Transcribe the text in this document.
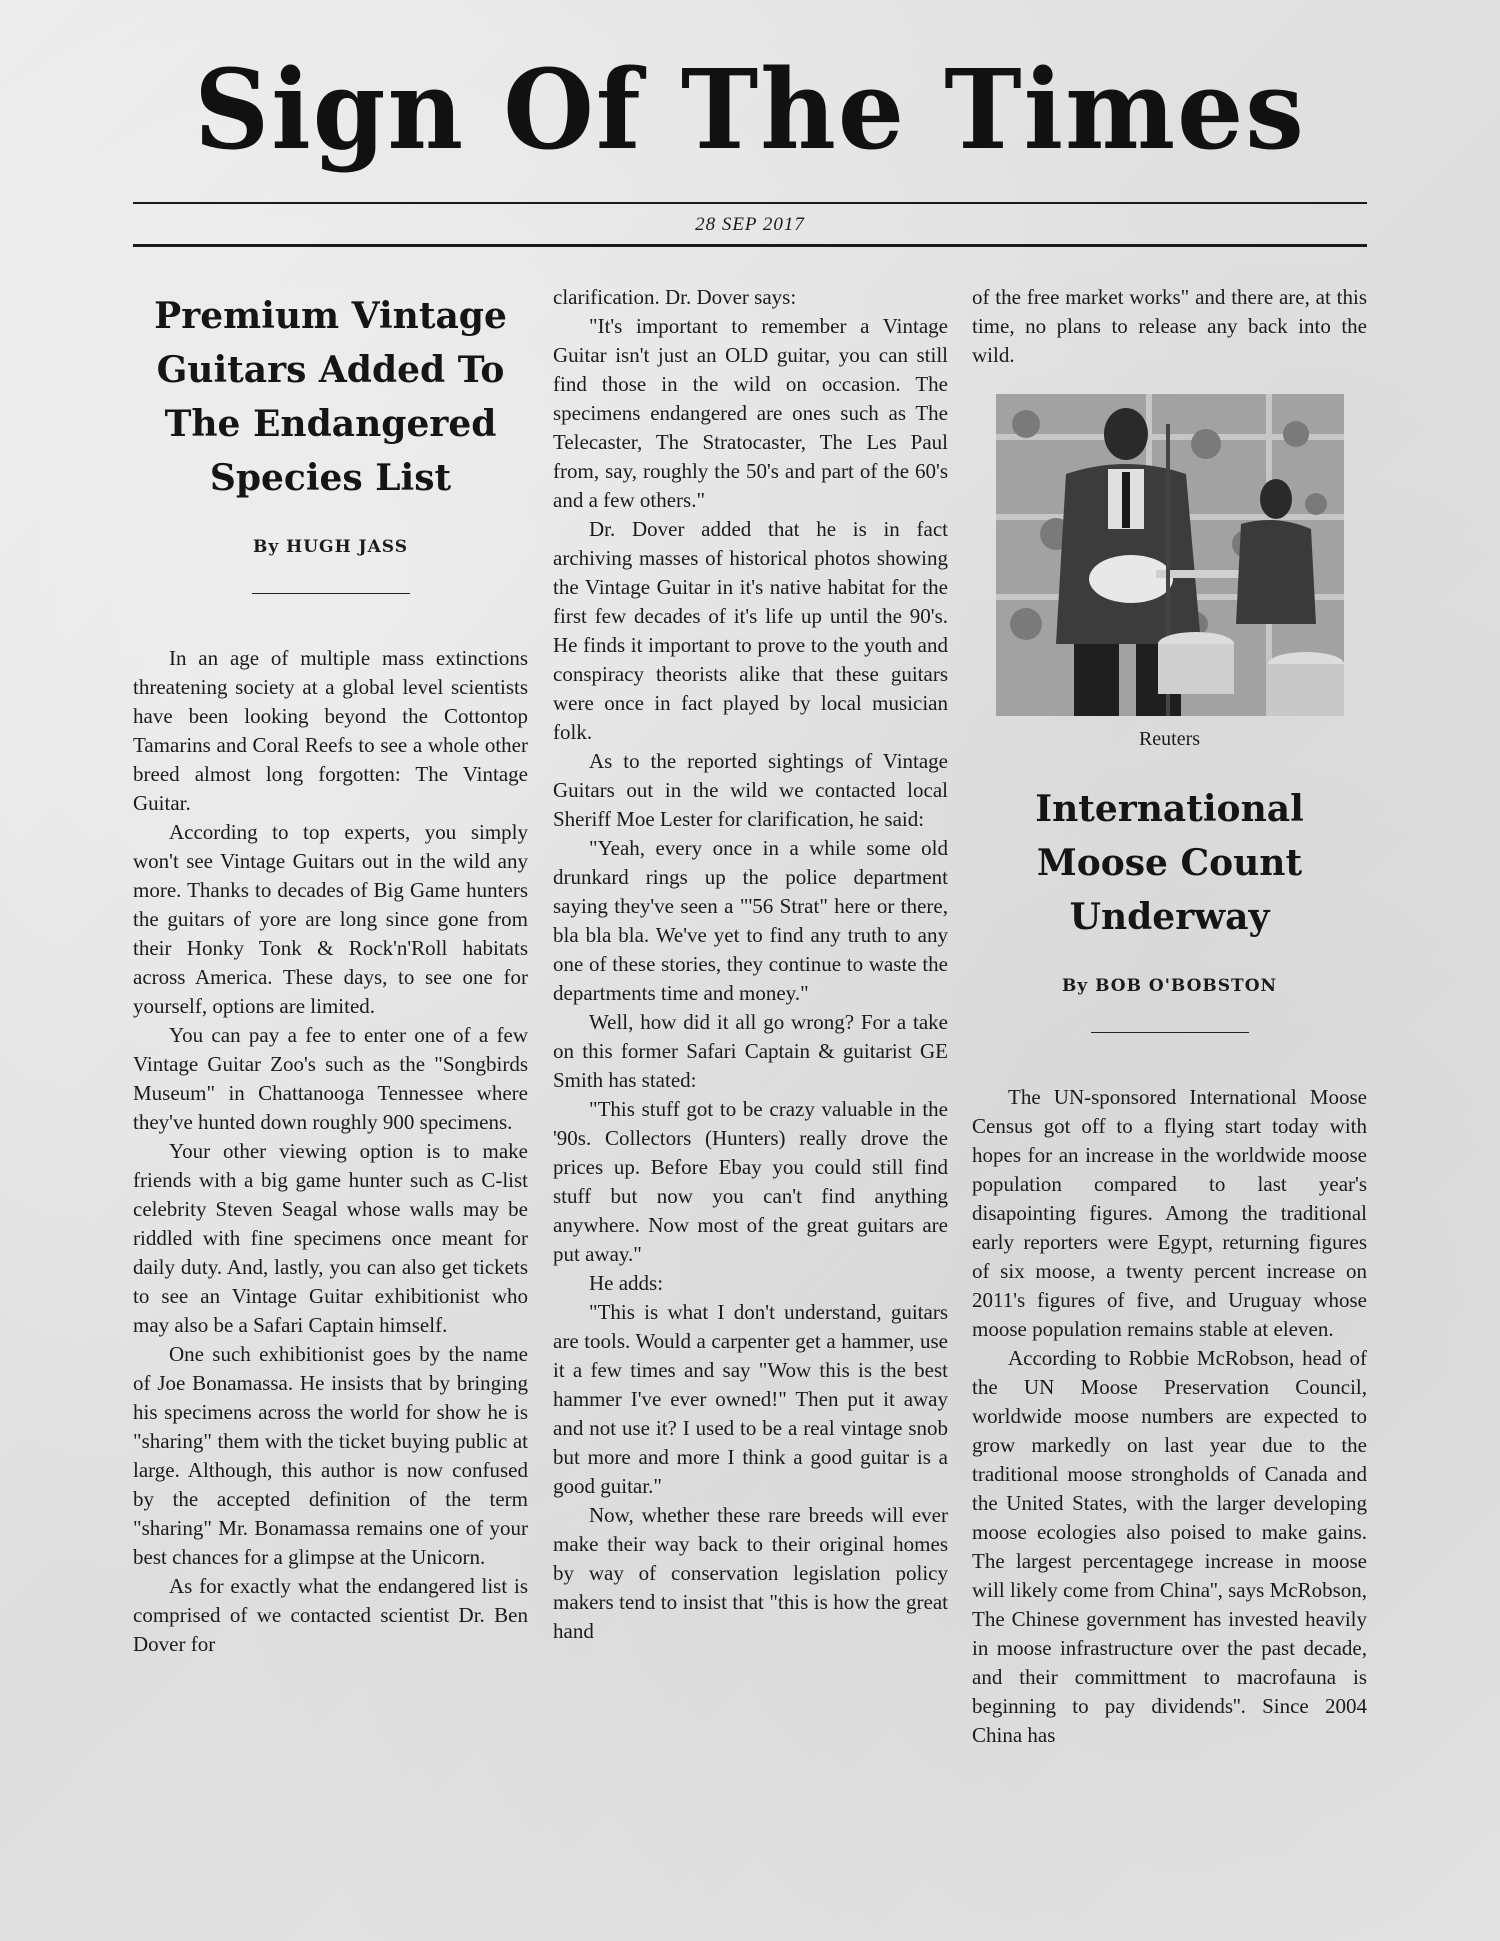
Sign Of The Times
28 SEP 2017
Premium Vintage Guitars Added To The Endangered Species List
By HUGH JASS

In an age of multiple mass extinctions threatening society at a global level scientists have been looking beyond the Cottontop Tamarins and Coral Reefs to see a whole other breed almost long forgotten: The Vintage Guitar.

According to top experts, you simply won't see Vintage Guitars out in the wild any more. Thanks to decades of Big Game hunters the guitars of yore are long since gone from their Honky Tonk & Rock'n'Roll habitats across America. These days, to see one for yourself, options are limited.

You can pay a fee to enter one of a few Vintage Guitar Zoo's such as the "Songbirds Museum" in Chattanooga Tennessee where they've hunted down roughly 900 specimens.

Your other viewing option is to make friends with a big game hunter such as C-list celebrity Steven Seagal whose walls may be riddled with fine specimens once meant for daily duty. And, lastly, you can also get tickets to see an Vintage Guitar exhibitionist who may also be a Safari Captain himself.

One such exhibitionist goes by the name of Joe Bonamassa. He insists that by bringing his specimens across the world for show he is "sharing" them with the ticket buying public at large. Although, this author is now confused by the accepted definition of the term "sharing" Mr. Bonamassa remains one of your best chances for a glimpse at the Unicorn.

As for exactly what the endangered list is comprised of we contacted scientist Dr. Ben Dover for

clarification. Dr. Dover says:

"It's important to remember a Vintage Guitar isn't just an OLD guitar, you can still find those in the wild on occasion. The specimens endangered are ones such as The Telecaster, The Stratocaster, The Les Paul from, say, roughly the 50's and part of the 60's and a few others."

Dr. Dover added that he is in fact archiving masses of historical photos showing the Vintage Guitar in it's native habitat for the first few decades of it's life up until the 90's. He finds it important to prove to the youth and conspiracy theorists alike that these guitars were once in fact played by local musician folk.

As to the reported sightings of Vintage Guitars out in the wild we contacted local Sheriff Moe Lester for clarification, he said:

"Yeah, every once in a while some old drunkard rings up the police department saying they've seen a "'56 Strat" here or there, bla bla bla. We've yet to find any truth to any one of these stories, they continue to waste the departments time and money."

Well, how did it all go wrong? For a take on this former Safari Captain & guitarist GE Smith has stated:

"This stuff got to be crazy valuable in the '90s. Collectors (Hunters) really drove the prices up. Before Ebay you could still find stuff but now you can't find anything anywhere. Now most of the great guitars are put away."

He adds:

"This is what I don't understand, guitars are tools. Would a carpenter get a hammer, use it a few times and say "Wow this is the best hammer I've ever owned!" Then put it away and not use it? I used to be a real vintage snob but more and more I think a good guitar is a good guitar."

Now, whether these rare breeds will ever make their way back to their original homes by way of conservation legislation policy makers tend to insist that "this is how the great hand

of the free market works" and there are, at this time, no plans to release any back into the wild.

Reuters
International Moose Count Underway
By BOB O'BOBSTON

The UN-sponsored International Moose Census got off to a flying start today with hopes for an increase in the worldwide moose population compared to last year's disapointing figures. Among the traditional early reporters were Egypt, returning figures of six moose, a twenty percent increase on 2011's figures of five, and Uruguay whose moose population remains stable at eleven.

According to Robbie McRobson, head of the UN Moose Preservation Council, worldwide moose numbers are expected to grow markedly on last year due to the traditional moose strongholds of Canada and the United States, with the larger developing moose ecologies also poised to make gains. The largest percentagege increase in moose will likely come from China'', says McRobson, The Chinese government has invested heavily in moose infrastructure over the past decade, and their committment to macrofauna is beginning to pay dividends''. Since 2004 China has
